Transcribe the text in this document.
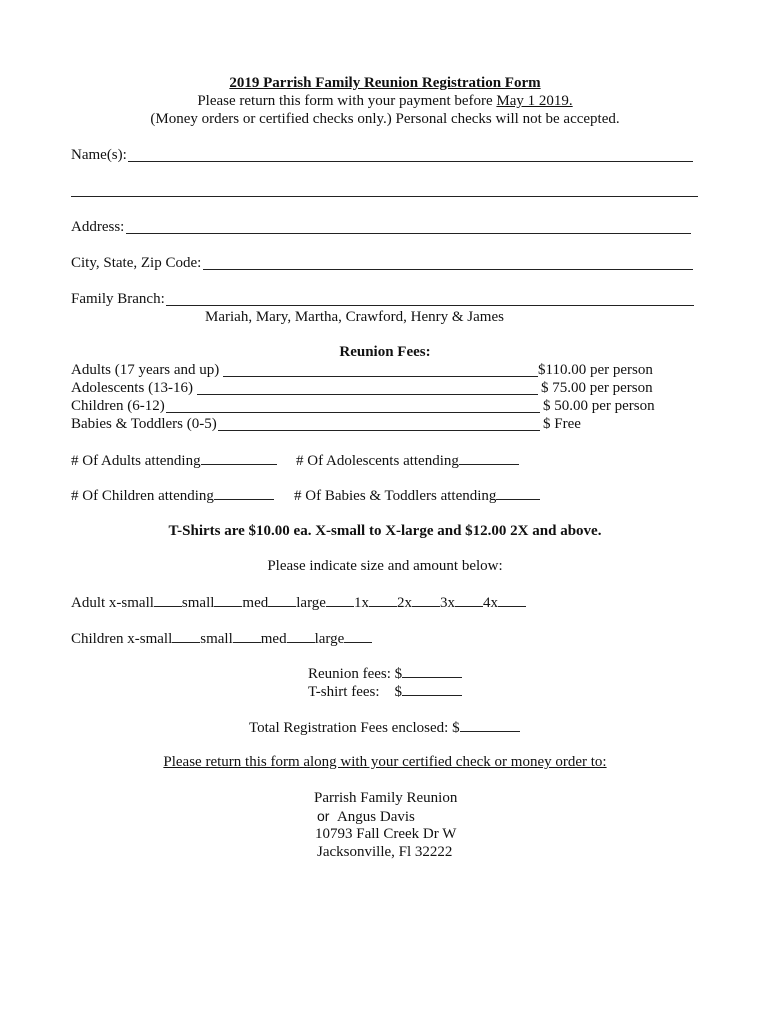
2019 Parrish Family Reunion Registration Form
Please return this form with your payment before May 1 2019.
(Money orders or certified checks only.) Personal checks will not be accepted.
Name(s):
Address:
City, State, Zip Code:
Family Branch:
Mariah, Mary, Martha, Crawford, Henry & James
Reunion Fees:
Adults (17 years and up)	$110.00 per person
Adolescents (13-16)	$ 75.00 per person
Children (6-12)	$ 50.00 per person
Babies & Toddlers (0-5)	$ Free
# Of Adults attending	# Of Adolescents attending
# Of Children attending	# Of Babies & Toddlers attending
T-Shirts are $10.00 ea. X-small to X-large and $12.00 2X and above.
Please indicate size and amount below:
Adult x-small small med large 1x 2x 3x 4x
Children x-small small med large
Reunion fees: $
T-shirt fees:    $
Total Registration Fees enclosed: $
Please return this form along with your certified check or money order to:
Parrish Family Reunion
or Angus Davis
10793 Fall Creek Dr W
Jacksonville, Fl 32222
